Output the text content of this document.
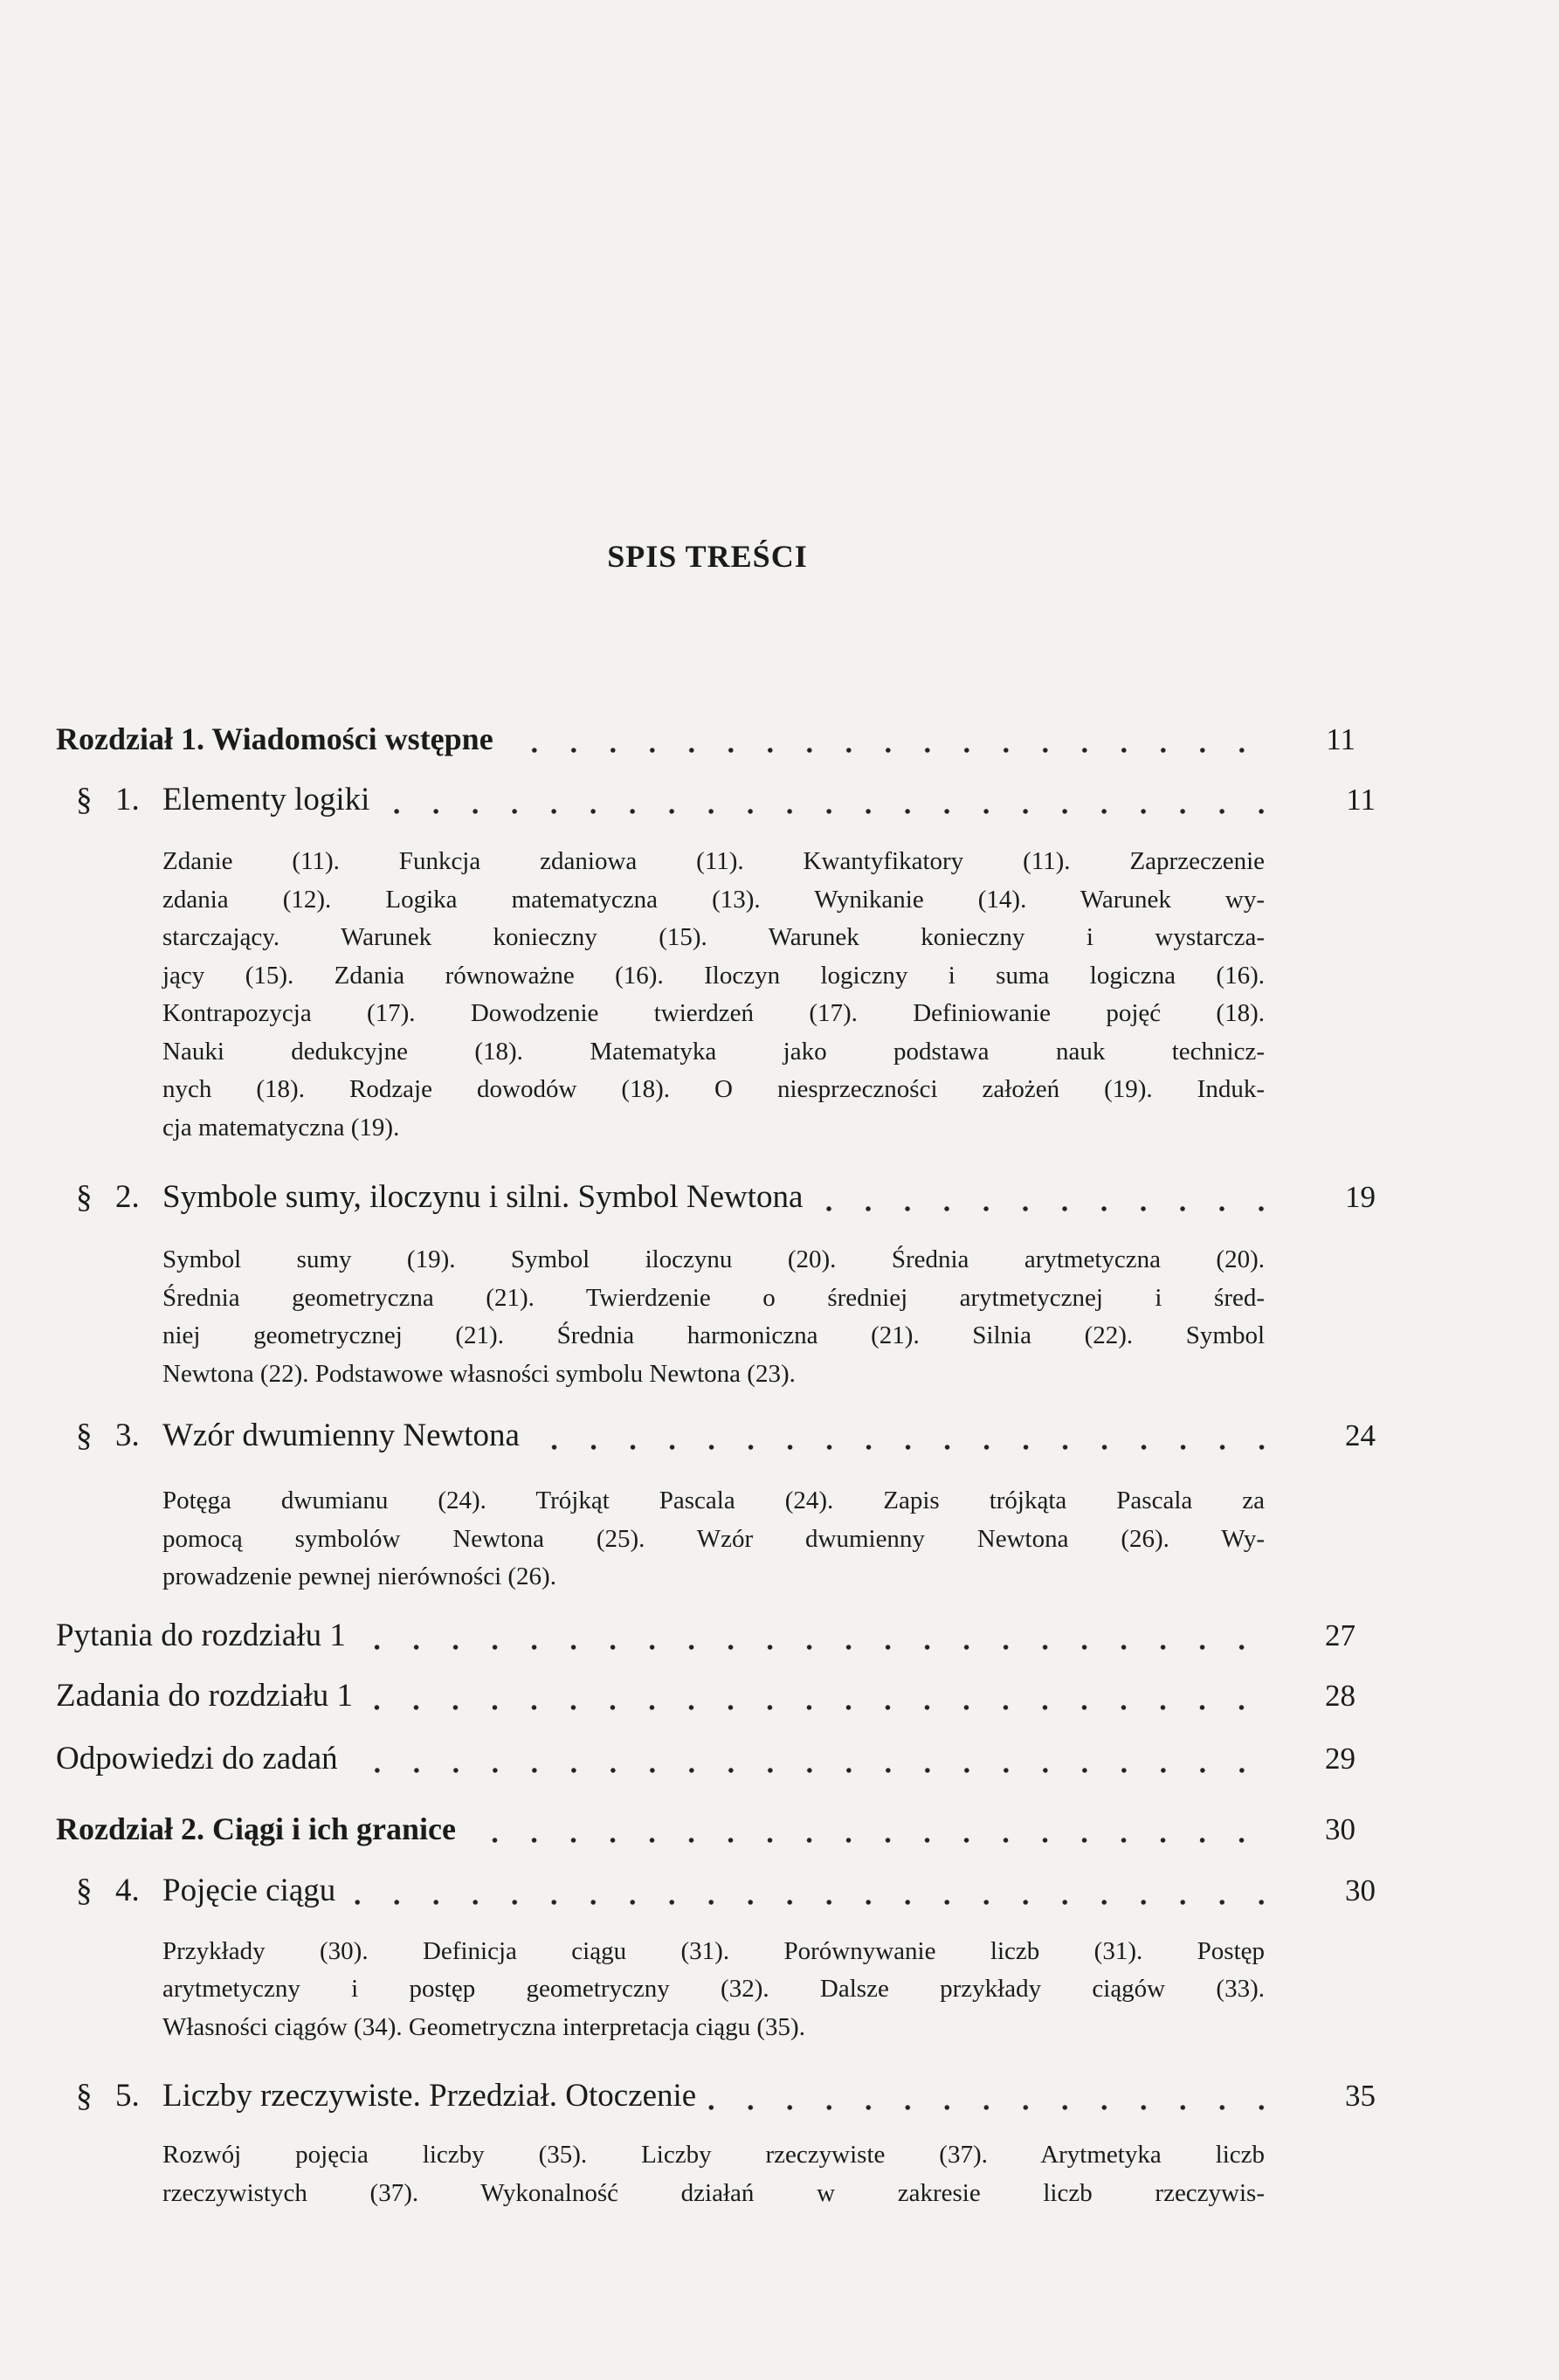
SPIS TREŚCI
Rozdział 1. Wiadomości wstępne	11
§ 1. Elementy logiki	11
Zdanie (11). Funkcja zdaniowa (11). Kwantyfikatory (11). Zaprzeczenie
zdania (12). Logika matematyczna (13). Wynikanie (14). Warunek wy-
starczający. Warunek konieczny (15). Warunek konieczny i wystarcza-
jący (15). Zdania równoważne (16). Iloczyn logiczny i suma logiczna (16).
Kontrapozycja (17). Dowodzenie twierdzeń (17). Definiowanie pojęć (18).
Nauki dedukcyjne (18). Matematyka jako podstawa nauk technicz-
nych (18). Rodzaje dowodów (18). O niesprzeczności założeń (19). Induk-
cja matematyczna (19).
§ 2. Symbole sumy, iloczynu i silni. Symbol Newtona	19
Symbol sumy (19). Symbol iloczynu (20). Średnia arytmetyczna (20).
Średnia geometryczna (21). Twierdzenie o średniej arytmetycznej i śred-
niej geometrycznej (21). Średnia harmoniczna (21). Silnia (22). Symbol
Newtona (22). Podstawowe własności symbolu Newtona (23).
§ 3. Wzór dwumienny Newtona	24
Potęga dwumianu (24). Trójkąt Pascala (24). Zapis trójkąta Pascala za
pomocą symbolów Newtona (25). Wzór dwumienny Newtona (26). Wy-
prowadzenie pewnej nierówności (26).
Pytania do rozdziału 1	27
Zadania do rozdziału 1	28
Odpowiedzi do zadań	29
Rozdział 2. Ciągi i ich granice	30
§ 4. Pojęcie ciągu	30
Przykłady (30). Definicja ciągu (31). Porównywanie liczb (31). Postęp
arytmetyczny i postęp geometryczny (32). Dalsze przykłady ciągów (33).
Własności ciągów (34). Geometryczna interpretacja ciągu (35).
§ 5. Liczby rzeczywiste. Przedział. Otoczenie	35
Rozwój pojęcia liczby (35). Liczby rzeczywiste (37). Arytmetyka liczb
rzeczywistych (37). Wykonalność działań w zakresie liczb rzeczywis-
